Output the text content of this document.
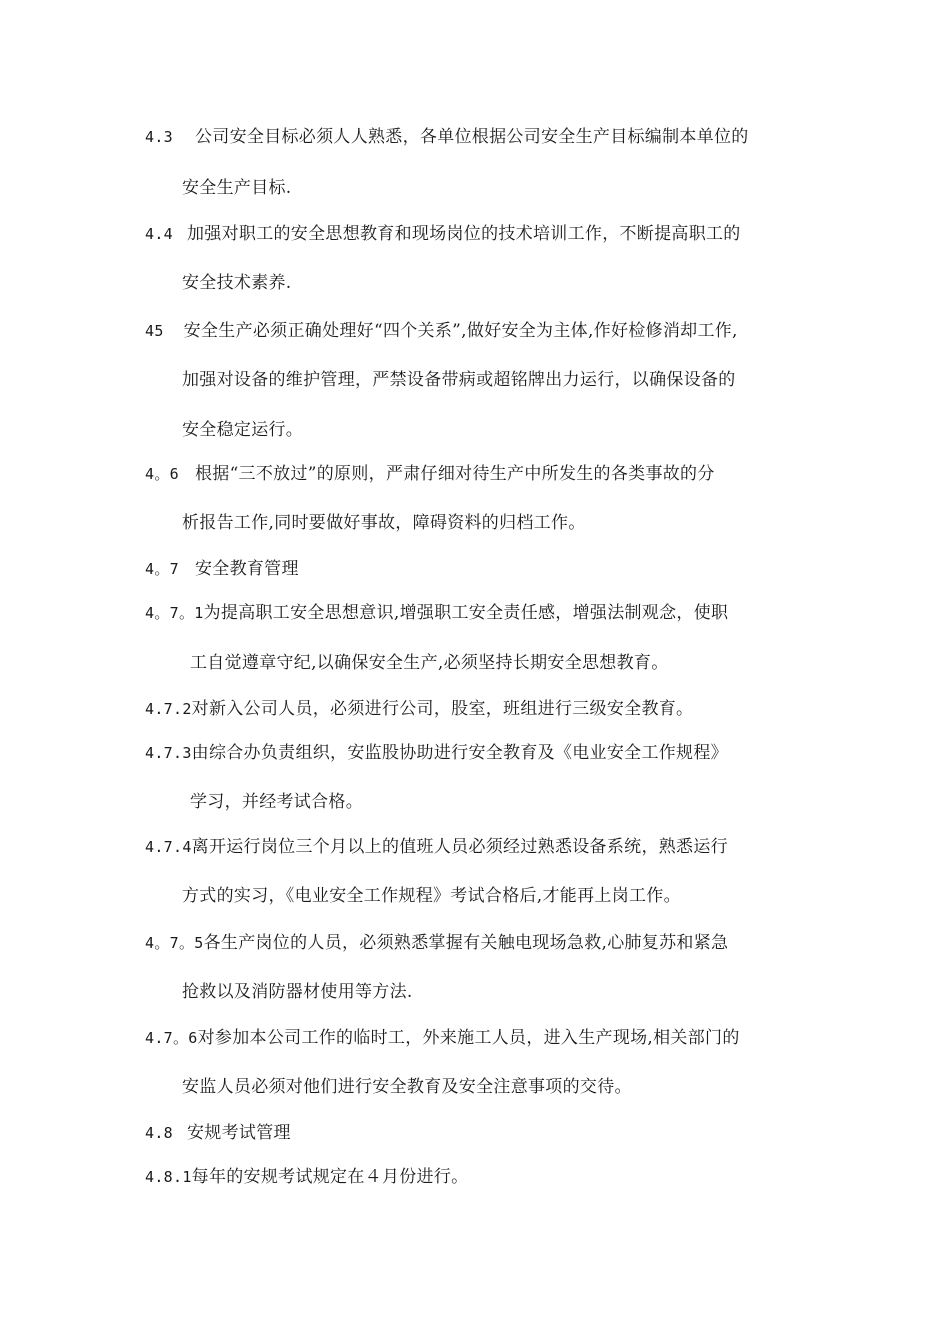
4.3 公司安全目标必须人人熟悉，各单位根据公司安全生产目标编制本单位的
安全生产目标.
4.4 加强对职工的安全思想教育和现场岗位的技术培训工作，不断提高职工的
安全技术素养.
45 安全生产必须正确处理好“四个关系”,做好安全为主体,作好检修消却工作,
加强对设备的维护管理，严禁设备带病或超铭牌出力运行，以确保设备的
安全稳定运行。
4。6 根据“三不放过”的原则，严肃仔细对待生产中所发生的各类事故的分
析报告工作,同时要做好事故，障碍资料的归档工作。
4。7 安全教育管理
4。7。1为提高职工安全思想意识,增强职工安全责任感，增强法制观念，使职
工自觉遵章守纪,以确保安全生产,必须坚持长期安全思想教育。
4.7.2对新入公司人员，必须进行公司，股室，班组进行三级安全教育。
4.7.3由综合办负责组织，安监股协助进行安全教育及《电业安全工作规程》
学习，并经考试合格。
4.7.4离开运行岗位三个月以上的值班人员必须经过熟悉设备系统，熟悉运行
方式的实习，《电业安全工作规程》考试合格后,才能再上岗工作。
4。7。5各生产岗位的人员，必须熟悉掌握有关触电现场急救,心肺复苏和紧急
抢救以及消防器材使用等方法.
4.7。6对参加本公司工作的临时工，外来施工人员，进入生产现场,相关部门的
安监人员必须对他们进行安全教育及安全注意事项的交待。
4.8 安规考试管理
4.8.1每年的安规考试规定在４月份进行。
